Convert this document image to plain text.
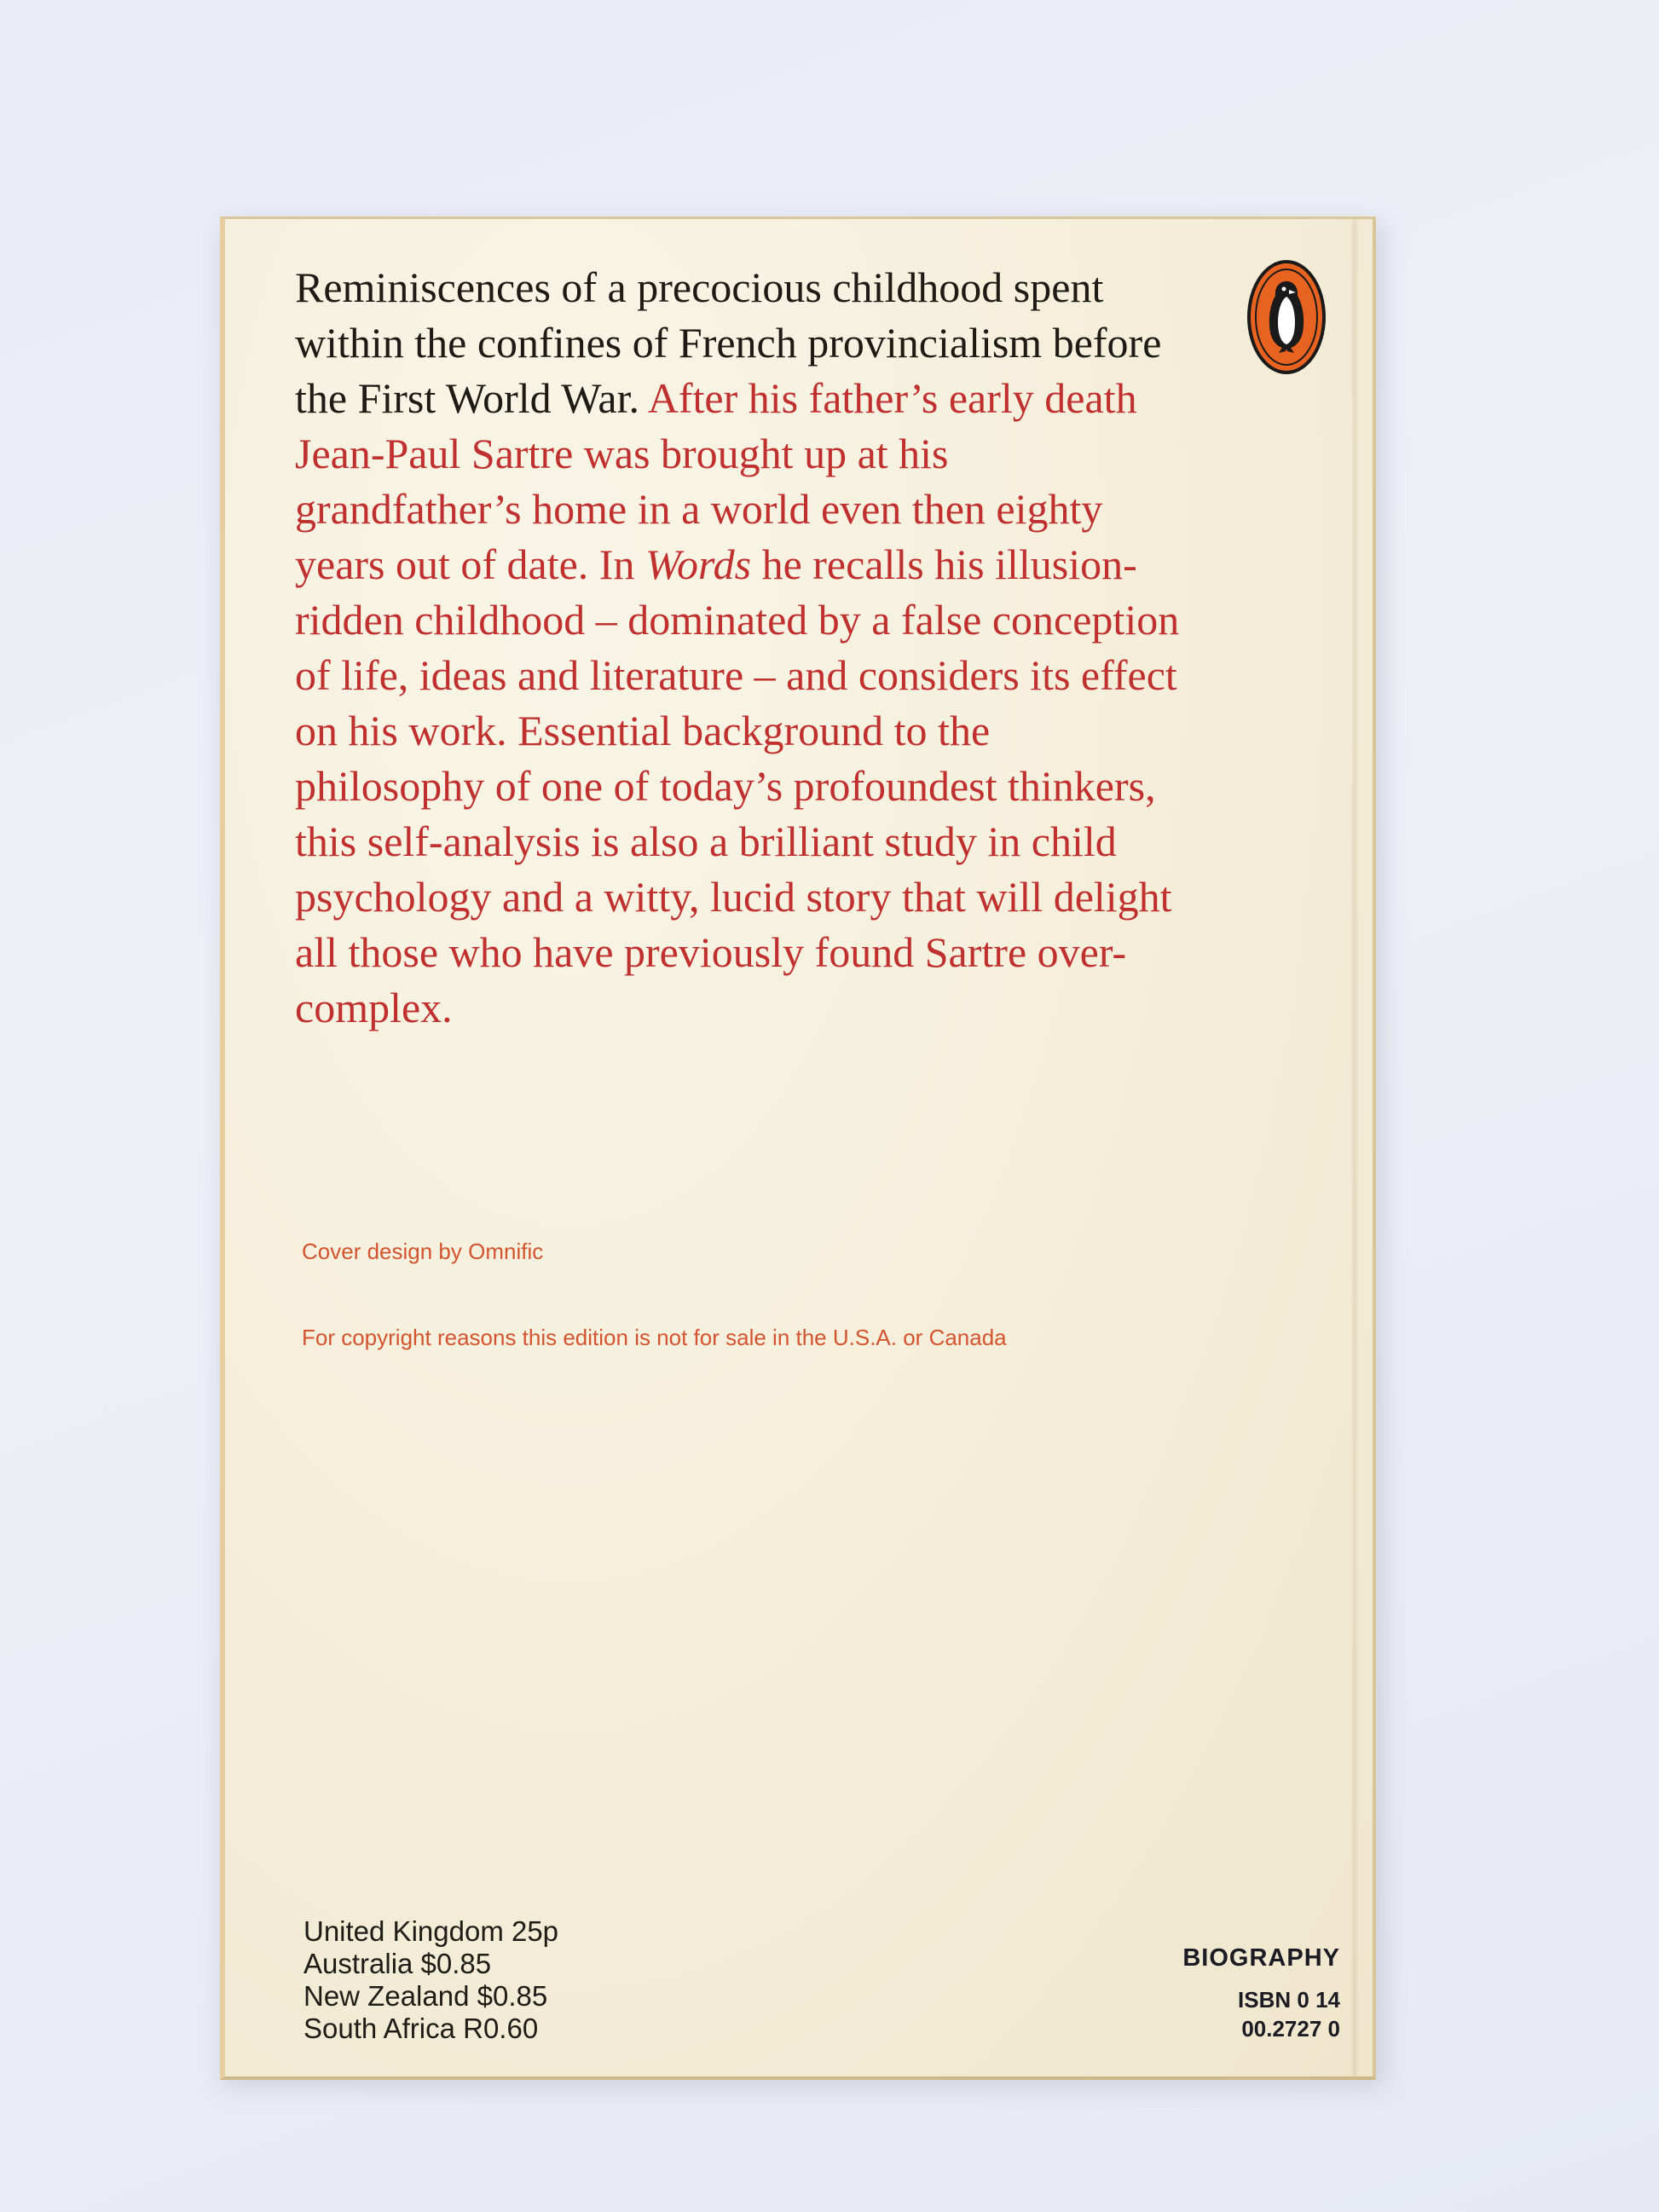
Reminiscences of a precocious childhood spent within the confines of French provincialism before the First World War. After his father’s early death Jean-Paul Sartre was brought up at his grandfather’s home in a world even then eighty years out of date. In Words he recalls his illusion-ridden childhood – dominated by a false conception of life, ideas and literature – and considers its effect on his work. Essential background to the philosophy of one of today’s profoundest thinkers, this self-analysis is also a brilliant study in child psychology and a witty, lucid story that will delight all those who have previously found Sartre over-complex.

Cover design by Omnific
For copyright reasons this edition is not for sale in the U.S.A. or Canada
United Kingdom 25p
Australia $0.85
New Zealand $0.85
South Africa R0.60
BIOGRAPHY
ISBN 0 14
00.2727 0
